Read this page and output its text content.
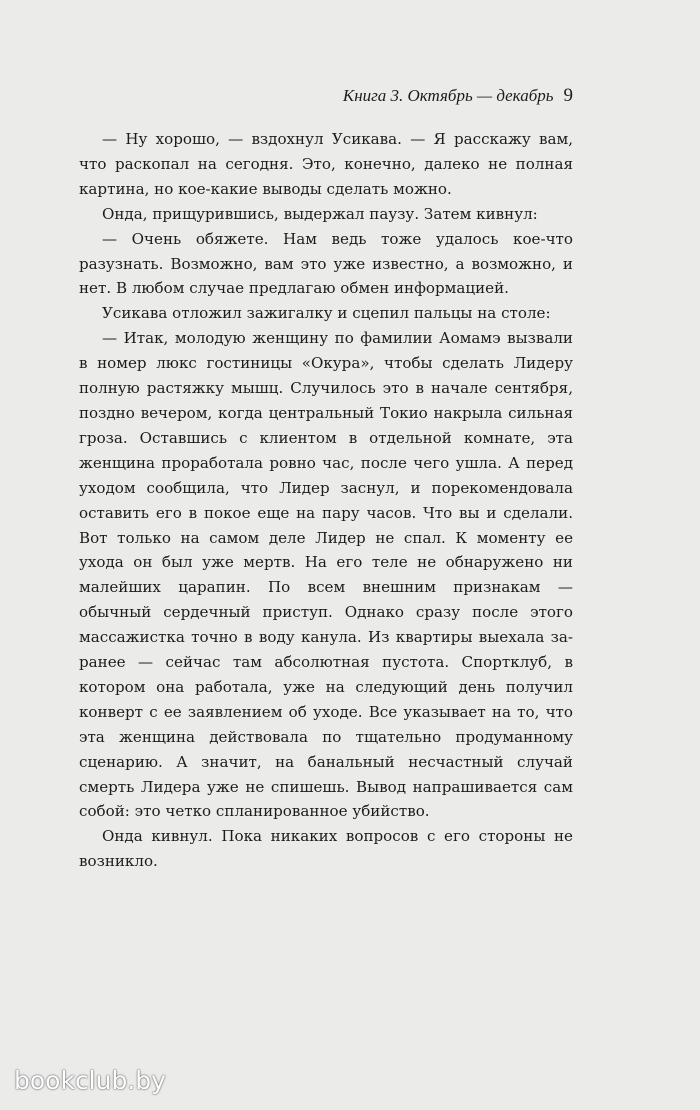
Книга 3. Октябрь — декабрь 9

— Ну хорошо, — вздохнул Усикава. — Я расскажу вам, что раскопал на сегодня. Это, конечно, далеко не полная картина, но кое-какие выводы сделать можно.

Онда, прищурившись, выдержал паузу. Затем кивнул:

— Очень обяжете. Нам ведь тоже удалось кое-что разузнать. Возможно, вам это уже известно, а возможно, и нет. В любом случае предлагаю обмен информацией.

Усикава отложил зажигалку и сцепил пальцы на столе:

— Итак, молодую женщину по фамилии Аомамэ вызвали в номер люкс гостиницы «Окура», чтобы сделать Лидеру полную растяжку мышц. Случилось это в начале сентября, поздно вечером, когда центральный Токио накрыла сильная гроза. Оставшись с клиентом в отдельной комнате, эта женщина проработала ровно час, после чего ушла. А перед уходом сообщила, что Лидер заснул, и порекомендовала оставить его в покое еще на пару часов. Что вы и сделали. Вот только на самом деле Лидер не спал. К моменту ее ухода он был уже мертв. На его теле не обнаружено ни малейших царапин. По всем внешним признакам — обычный сердечный приступ. Однако сразу после этого массажистка точно в воду канула. Из квартиры выехала заранее — сейчас там абсолютная пустота. Спортклуб, в котором она работала, уже на следующий день получил конверт с ее заявлением об уходе. Все указывает на то, что эта женщина действовала по тщательно продуманному сценарию. А значит, на банальный несчастный случай смерть Лидера уже не спишешь. Вывод напрашивается сам собой: это четко спланированное убийство.

Онда кивнул. Пока никаких вопросов с его стороны не возникло.

bookclub.by
